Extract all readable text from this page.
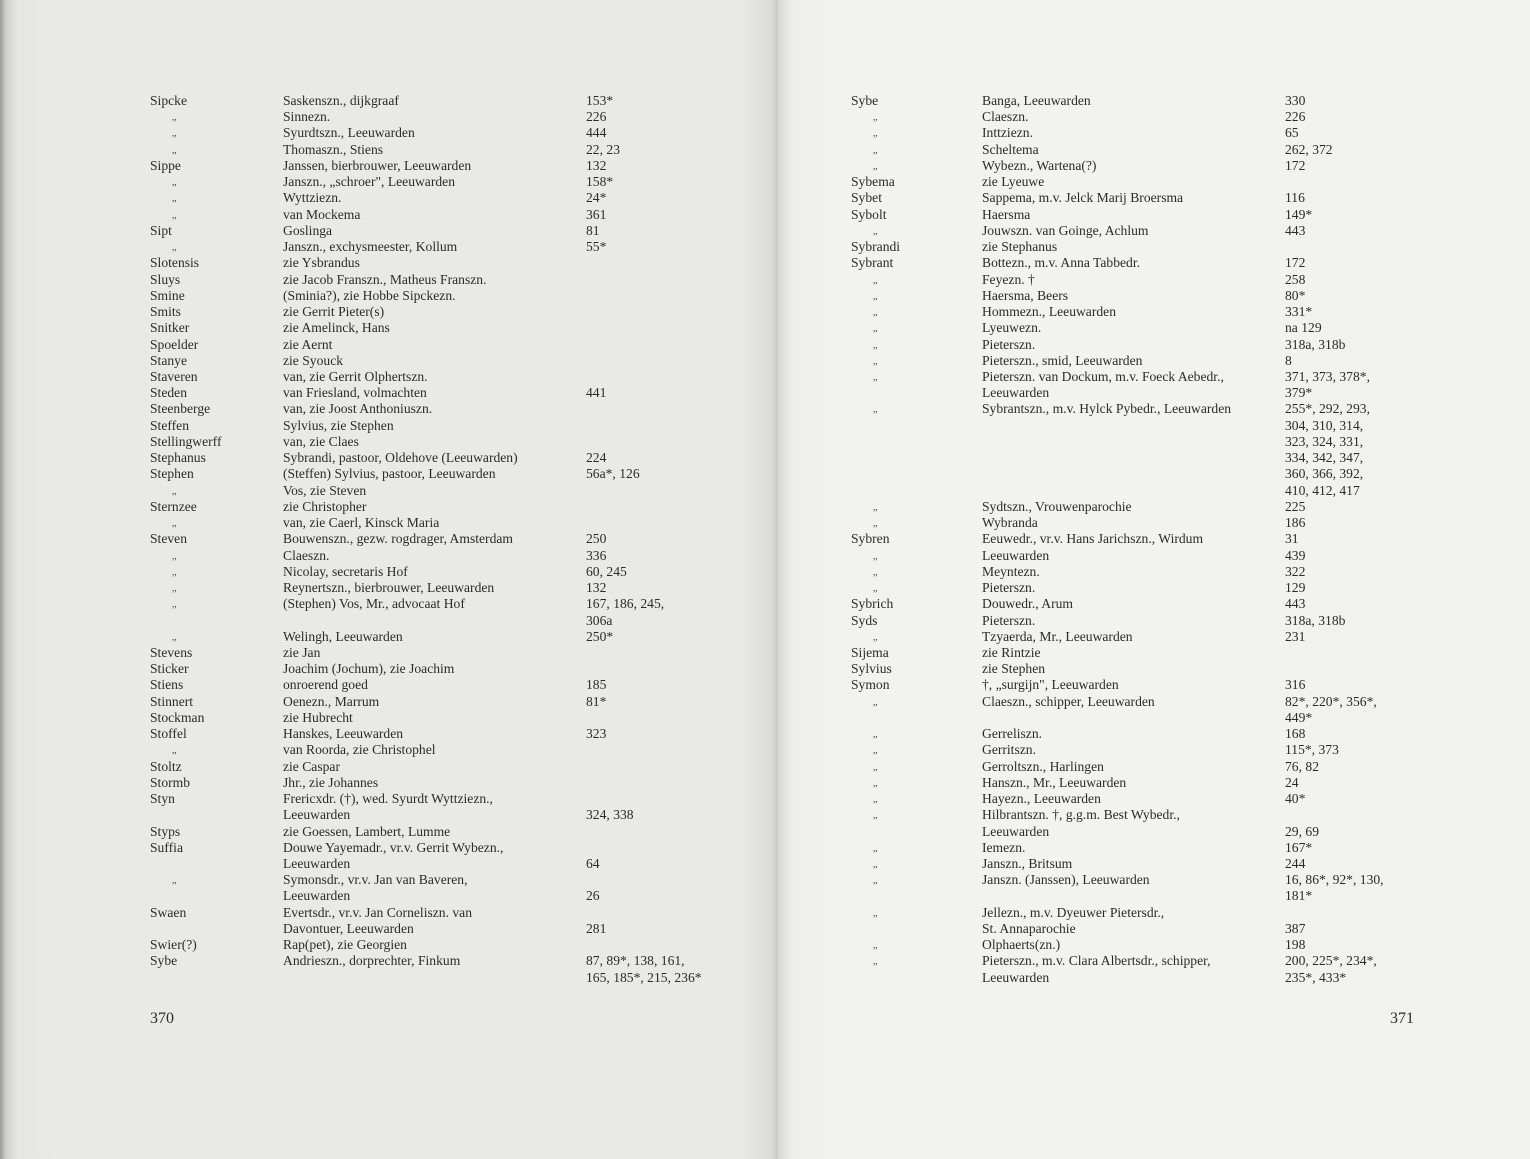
Sipcke	Saskenszn., dijkgraaf	153*
,,	Sinnezn.	226
,,	Syurdtszn., Leeuwarden	444
,,	Thomaszn., Stiens	22, 23
Sippe	Janssen, bierbrouwer, Leeuwarden	132
,,	Janszn., „schroer", Leeuwarden	158*
,,	Wyttziezn.	24*
,,	van Mockema	361
Sipt	Goslinga	81
,,	Janszn., exchysmeester, Kollum	55*
Slotensis	zie Ysbrandus
Sluys	zie Jacob Franszn., Matheus Franszn.
Smine	(Sminia?), zie Hobbe Sipckezn.
Smits	zie Gerrit Pieter(s)
Snitker	zie Amelinck, Hans
Spoelder	zie Aernt
Stanye	zie Syouck
Staveren	van, zie Gerrit Olphertszn.
Steden	van Friesland, volmachten	441
Steenberge	van, zie Joost Anthoniuszn.
Steffen	Sylvius, zie Stephen
Stellingwerff	van, zie Claes
Stephanus	Sybrandi, pastoor, Oldehove (Leeuwarden)	224
Stephen	(Steffen) Sylvius, pastoor, Leeuwarden	56a*, 126
,,	Vos, zie Steven
Sternzee	zie Christopher
,,	van, zie Caerl, Kinsck Maria
Steven	Bouwenszn., gezw. rogdrager, Amsterdam	250
,,	Claeszn.	336
,,	Nicolay, secretaris Hof	60, 245
,,	Reynertszn., bierbrouwer, Leeuwarden	132
,,	(Stephen) Vos, Mr., advocaat Hof	167, 186, 245,
306a
,,	Welingh, Leeuwarden	250*
Stevens	zie Jan
Sticker	Joachim (Jochum), zie Joachim
Stiens	onroerend goed	185
Stinnert	Oenezn., Marrum	81*
Stockman	zie Hubrecht
Stoffel	Hanskes, Leeuwarden	323
,,	van Roorda, zie Christophel
Stoltz	zie Caspar
Stormb	Jhr., zie Johannes
Styn	Frericxdr. (†), wed. Syurdt Wyttziezn.,
Leeuwarden	324, 338
Styps	zie Goessen, Lambert, Lumme
Suffia	Douwe Yayemadr., vr.v. Gerrit Wybezn.,
Leeuwarden	64
,,	Symonsdr., vr.v. Jan van Baveren,
Leeuwarden	26
Swaen	Evertsdr., vr.v. Jan Corneliszn. van
Davontuer, Leeuwarden	281
Swier(?)	Rap(pet), zie Georgien
Sybe	Andrieszn., dorprechter, Finkum	87, 89*, 138, 161,
165, 185*, 215, 236*
370
Sybe	Banga, Leeuwarden	330
,,	Claeszn.	226
,,	Inttziezn.	65
,,	Scheltema	262, 372
,,	Wybezn., Wartena(?)	172
Sybema	zie Lyeuwe
Sybet	Sappema, m.v. Jelck Marij Broersma	116
Sybolt	Haersma	149*
,,	Jouwszn. van Goinge, Achlum	443
Sybrandi	zie Stephanus
Sybrant	Bottezn., m.v. Anna Tabbedr.	172
,,	Feyezn. †	258
,,	Haersma, Beers	80*
,,	Hommezn., Leeuwarden	331*
,,	Lyeuwezn.	na 129
,,	Pieterszn.	318a, 318b
,,	Pieterszn., smid, Leeuwarden	8
,,	Pieterszn. van Dockum, m.v. Foeck Aebedr.,	371, 373, 378*,
Leeuwarden	379*
,,	Sybrantszn., m.v. Hylck Pybedr., Leeuwarden	255*, 292, 293,
304, 310, 314,
323, 324, 331,
334, 342, 347,
360, 366, 392,
410, 412, 417
,,	Sydtszn., Vrouwenparochie	225
,,	Wybranda	186
Sybren	Eeuwedr., vr.v. Hans Jarichszn., Wirdum	31
,,	Leeuwarden	439
,,	Meyntezn.	322
,,	Pieterszn.	129
Sybrich	Douwedr., Arum	443
Syds	Pieterszn.	318a, 318b
,,	Tzyaerda, Mr., Leeuwarden	231
Sijema	zie Rintzie
Sylvius	zie Stephen
Symon	†, „surgijn", Leeuwarden	316
,,	Claeszn., schipper, Leeuwarden	82*, 220*, 356*,
449*
,,	Gerreliszn.	168
,,	Gerritszn.	115*, 373
,,	Gerroltszn., Harlingen	76, 82
,,	Hanszn., Mr., Leeuwarden	24
,,	Hayezn., Leeuwarden	40*
,,	Hilbrantszn. †, g.g.m. Best Wybedr.,
Leeuwarden	29, 69
,,	Iemezn.	167*
,,	Janszn., Britsum	244
,,	Janszn. (Janssen), Leeuwarden	16, 86*, 92*, 130,
181*
,,	Jellezn., m.v. Dyeuwer Pietersdr.,
St. Annaparochie	387
,,	Olphaerts(zn.)	198
,,	Pieterszn., m.v. Clara Albertsdr., schipper,	200, 225*, 234*,
Leeuwarden	235*, 433*
371
